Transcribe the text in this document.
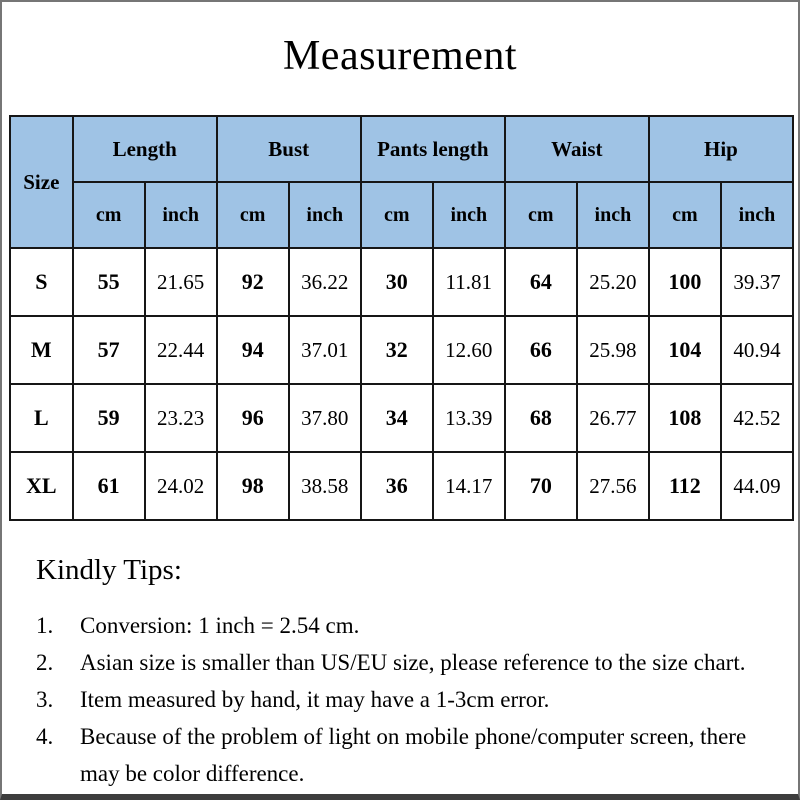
Measurement
Size	Length		Bust		Pants length		Waist		Hip	
	cm	inch	cm	inch	cm	inch	cm	inch	cm	inch
S	55	21.65	92	36.22	30	11.81	64	25.20	100	39.37
M	57	22.44	94	37.01	32	12.60	66	25.98	104	40.94
L	59	23.23	96	37.80	34	13.39	68	26.77	108	42.52
XL	61	24.02	98	38.58	36	14.17	70	27.56	112	44.09
Kindly Tips:
1.	Conversion: 1 inch = 2.54 cm.
2.	Asian size is smaller than US/EU size, please reference to the size chart.
3.	Item measured by hand, it may have a 1-3cm error.
4.	Because of the problem of light on mobile phone/computer screen, there may be color difference.
